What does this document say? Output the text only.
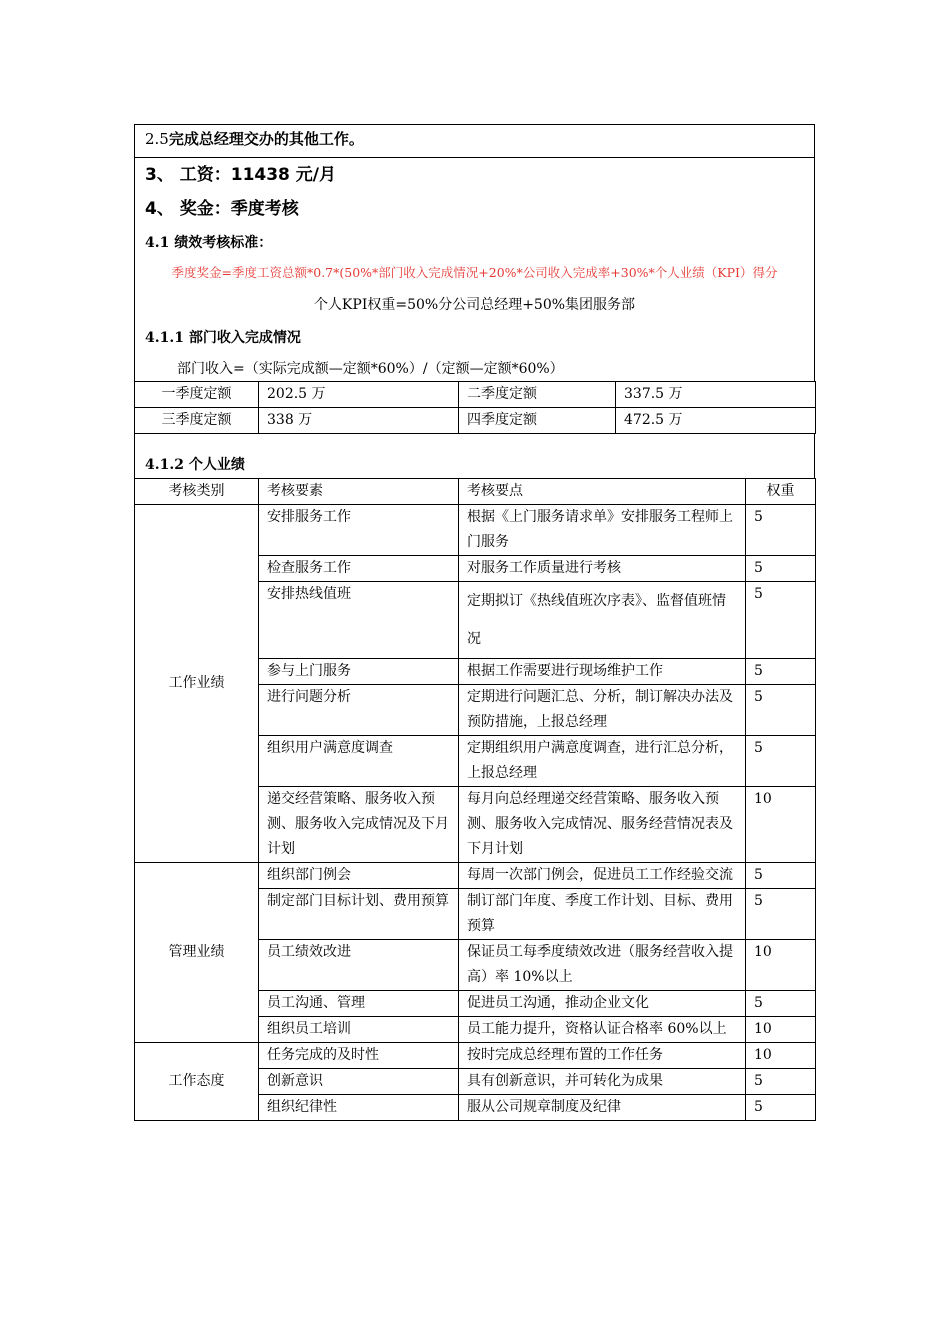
2.5完成总经理交办的其他工作。
3、 工资：11438 元/月
4、 奖金：季度考核
4.1 绩效考核标准：
季度奖金=季度工资总额*0.7*(50%*部门收入完成情况+20%*公司收入完成率+30%*个人业绩（KPI）得分
个人KPI权重=50%分公司总经理+50%集团服务部
4.1.1 部门收入完成情况
部门收入=（实际完成额—定额*60%）/（定额—定额*60%）
一季度定额	202.5 万	二季度定额	337.5 万
三季度定额	338 万	四季度定额	472.5 万
4.1.2 个人业绩
考核类别	考核要素	考核要点	权重
工作业绩	安排服务工作	根据《上门服务请求单》安排服务工程师上门服务	5
	检查服务工作	对服务工作质量进行考核	5
	安排热线值班	定期拟订《热线值班次序表》、监督值班情况	5
	参与上门服务	根据工作需要进行现场维护工作	5
	进行问题分析	定期进行问题汇总、分析，制订解决办法及预防措施，上报总经理	5
	组织用户满意度调查	定期组织用户满意度调查，进行汇总分析，上报总经理	5
	递交经营策略、服务收入预测、服务收入完成情况及下月计划	每月向总经理递交经营策略、服务收入预测、服务收入完成情况、服务经营情况表及下月计划	10
管理业绩	组织部门例会	每周一次部门例会，促进员工工作经验交流	5
	制定部门目标计划、费用预算	制订部门年度、季度工作计划、目标、费用预算	5
	员工绩效改进	保证员工每季度绩效改进（服务经营收入提高）率 10%以上	10
	员工沟通、管理	促进员工沟通，推动企业文化	5
	组织员工培训	员工能力提升，资格认证合格率 60%以上	10
工作态度	任务完成的及时性	按时完成总经理布置的工作任务	10
	创新意识	具有创新意识，并可转化为成果	5
	组织纪律性	服从公司规章制度及纪律	5
